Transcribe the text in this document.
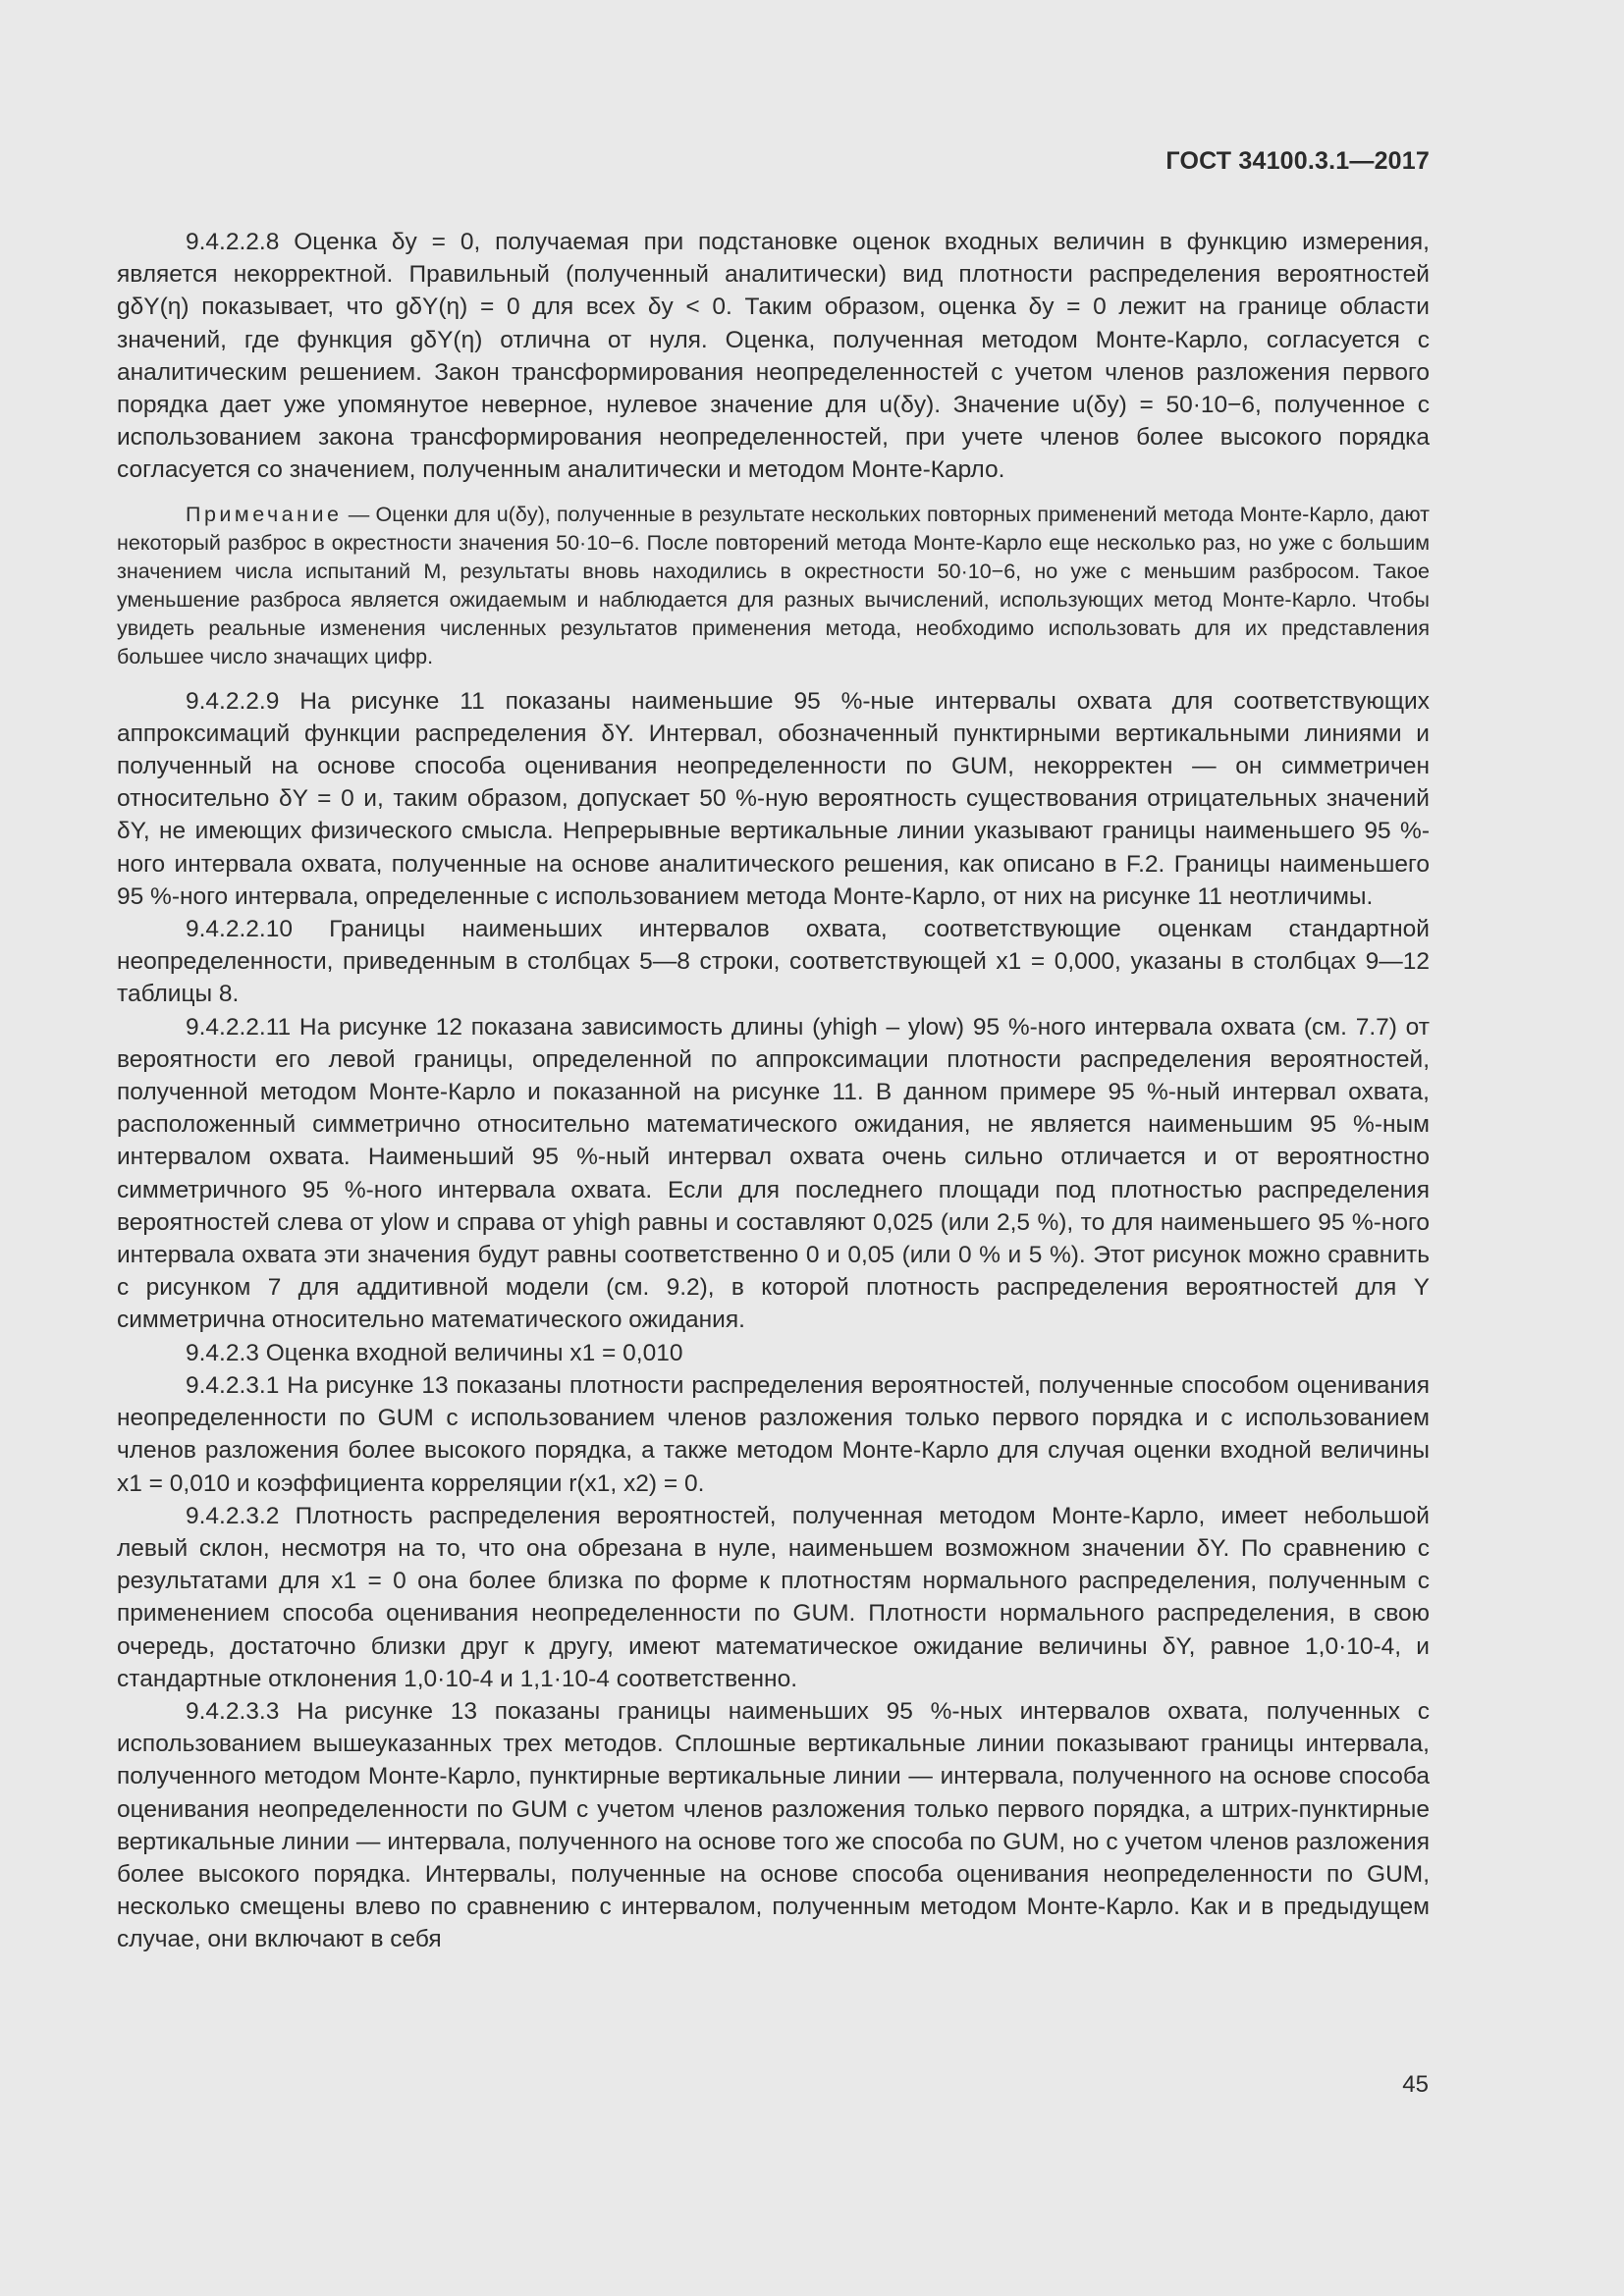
ГОСТ 34100.3.1—2017

9.4.2.2.8 Оценка δy = 0, получаемая при подстановке оценок входных величин в функцию измерения, является некорректной. Правильный (полученный аналитически) вид плотности распределения вероятностей gδY(η) показывает, что gδY(η) = 0 для всех δy < 0. Таким образом, оценка δy = 0 лежит на границе области значений, где функция gδY(η) отлична от нуля. Оценка, полученная методом Монте-Карло, согласуется с аналитическим решением. Закон трансформирования неопределенностей с учетом членов разложения первого порядка дает уже упомянутое неверное, нулевое значение для u(δy). Значение u(δy) = 50·10−6, полученное с использованием закона трансформирования неопределенностей, при учете членов более высокого порядка согласуется со значением, полученным аналитически и методом Монте-Карло.

Примечание — Оценки для u(δy), полученные в результате нескольких повторных применений метода Монте-Карло, дают некоторый разброс в окрестности значения 50·10−6. После повторений метода Монте-Карло еще несколько раз, но уже с большим значением числа испытаний M, результаты вновь находились в окрестности 50·10−6, но уже с меньшим разбросом. Такое уменьшение разброса является ожидаемым и наблюдается для разных вычислений, использующих метод Монте-Карло. Чтобы увидеть реальные изменения численных результатов применения метода, необходимо использовать для их представления большее число значащих цифр.

9.4.2.2.9 На рисунке 11 показаны наименьшие 95 %-ные интервалы охвата для соответствующих аппроксимаций функции распределения δY. Интервал, обозначенный пунктирными вертикальными линиями и полученный на основе способа оценивания неопределенности по GUM, некорректен — он симметричен относительно δY = 0 и, таким образом, допускает 50 %-ную вероятность существования отрицательных значений δY, не имеющих физического смысла. Непрерывные вертикальные линии указывают границы наименьшего 95 %-ного интервала охвата, полученные на основе аналитического решения, как описано в F.2. Границы наименьшего 95 %-ного интервала, определенные с использованием метода Монте-Карло, от них на рисунке 11 неотличимы.

9.4.2.2.10 Границы наименьших интервалов охвата, соответствующие оценкам стандартной неопределенности, приведенным в столбцах 5—8 строки, соответствующей x1 = 0,000, указаны в столбцах 9—12 таблицы 8.

9.4.2.2.11 На рисунке 12 показана зависимость длины (yhigh – ylow) 95 %-ного интервала охвата (см. 7.7) от вероятности его левой границы, определенной по аппроксимации плотности распределения вероятностей, полученной методом Монте-Карло и показанной на рисунке 11. В данном примере 95 %-ный интервал охвата, расположенный симметрично относительно математического ожидания, не является наименьшим 95 %-ным интервалом охвата. Наименьший 95 %-ный интервал охвата очень сильно отличается и от вероятностно симметричного 95 %-ного интервала охвата. Если для последнего площади под плотностью распределения вероятностей слева от ylow и справа от yhigh равны и составляют 0,025 (или 2,5 %), то для наименьшего 95 %-ного интервала охвата эти значения будут равны соответственно 0 и 0,05 (или 0 % и 5 %). Этот рисунок можно сравнить с рисунком 7 для аддитивной модели (см. 9.2), в которой плотность распределения вероятностей для Y симметрична относительно математического ожидания.

9.4.2.3 Оценка входной величины x1 = 0,010

9.4.2.3.1 На рисунке 13 показаны плотности распределения вероятностей, полученные способом оценивания неопределенности по GUM с использованием членов разложения только первого порядка и с использованием членов разложения более высокого порядка, а также методом Монте-Карло для случая оценки входной величины x1 = 0,010 и коэффициента корреляции r(x1, x2) = 0.

9.4.2.3.2 Плотность распределения вероятностей, полученная методом Монте-Карло, имеет небольшой левый склон, несмотря на то, что она обрезана в нуле, наименьшем возможном значении δY. По сравнению с результатами для x1 = 0 она более близка по форме к плотностям нормального распределения, полученным с применением способа оценивания неопределенности по GUM. Плотности нормального распределения, в свою очередь, достаточно близки друг к другу, имеют математическое ожидание величины δY, равное 1,0·10-4, и стандартные отклонения 1,0·10-4 и 1,1·10-4 соответственно.

9.4.2.3.3 На рисунке 13 показаны границы наименьших 95 %-ных интервалов охвата, полученных с использованием вышеуказанных трех методов. Сплошные вертикальные линии показывают границы интервала, полученного методом Монте-Карло, пунктирные вертикальные линии — интервала, полученного на основе способа оценивания неопределенности по GUM с учетом членов разложения только первого порядка, а штрих-пунктирные вертикальные линии — интервала, полученного на основе того же способа по GUM, но с учетом членов разложения более высокого порядка. Интервалы, полученные на основе способа оценивания неопределенности по GUM, несколько смещены влево по сравнению с интервалом, полученным методом Монте-Карло. Как и в предыдущем случае, они включают в себя

45
